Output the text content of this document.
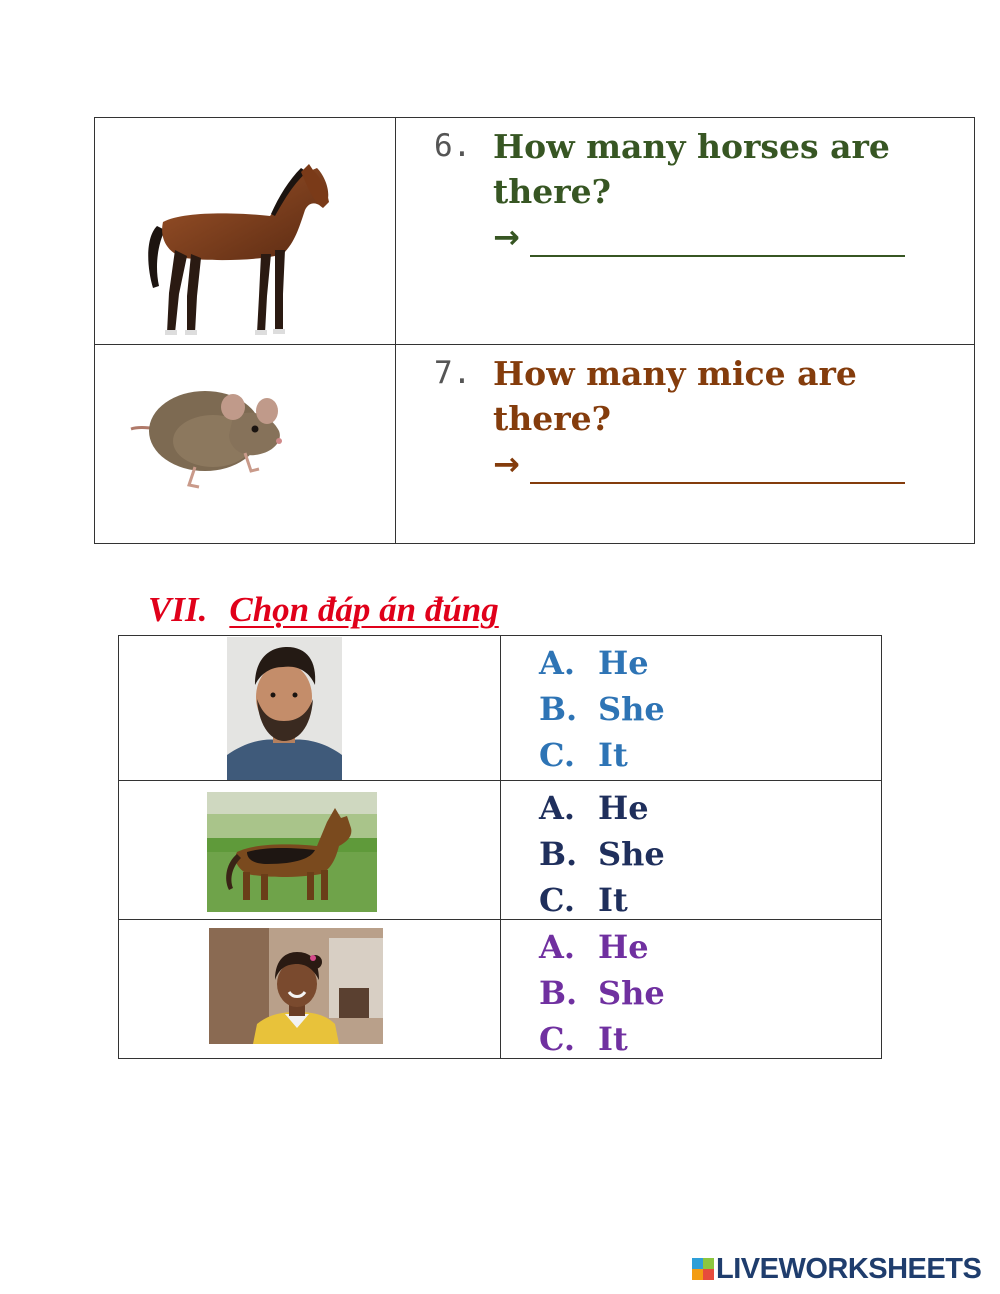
6. How many horses are there?
→

7. How many mice are there?
→
VII. Chọn đáp án đúng

A. He
B. She
C. It

A. He
B. She
C. It

A. He
B. She
C. It
LIVEWORKSHEETS
